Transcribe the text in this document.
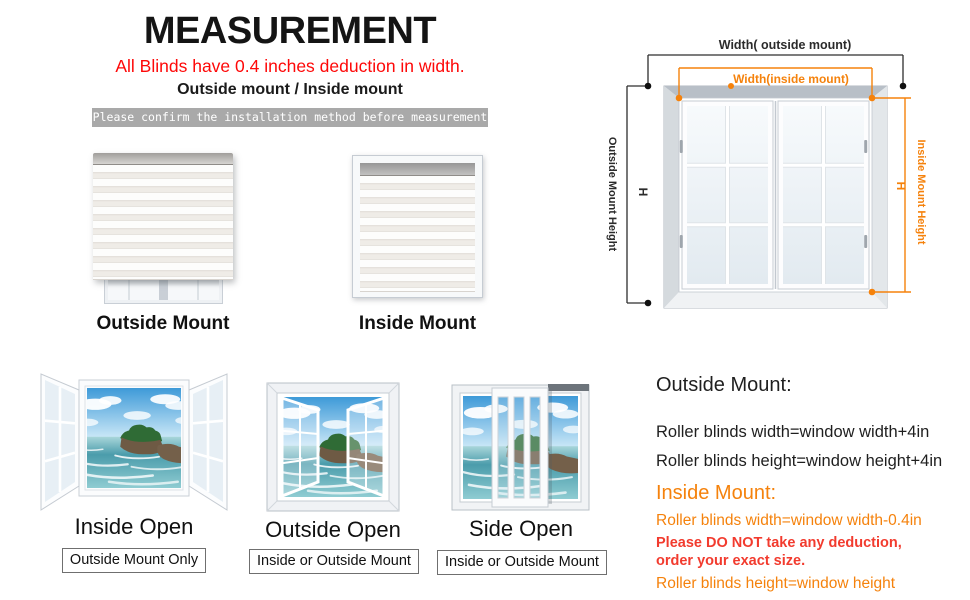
MEASUREMENT
All Blinds have 0.4 inches deduction in width.
Outside mount / Inside mount
Please confirm the installation method before measurement
Outside Mount	Inside Mount
Width( outside mount)
Outside Mount Height H
Width(inside mount)
Inside Mount Height
H
Inside Open
Outside Mount Only
Outside Open
Inside or Outside Mount
Side Open
Inside or Outside Mount
Outside Mount:
Roller blinds width=window width+4in
Roller blinds height=window height+4in
Inside Mount:
Roller blinds width=window width-0.4in
Please DO NOT take any deduction,
order your exact size.
Roller blinds height=window height
